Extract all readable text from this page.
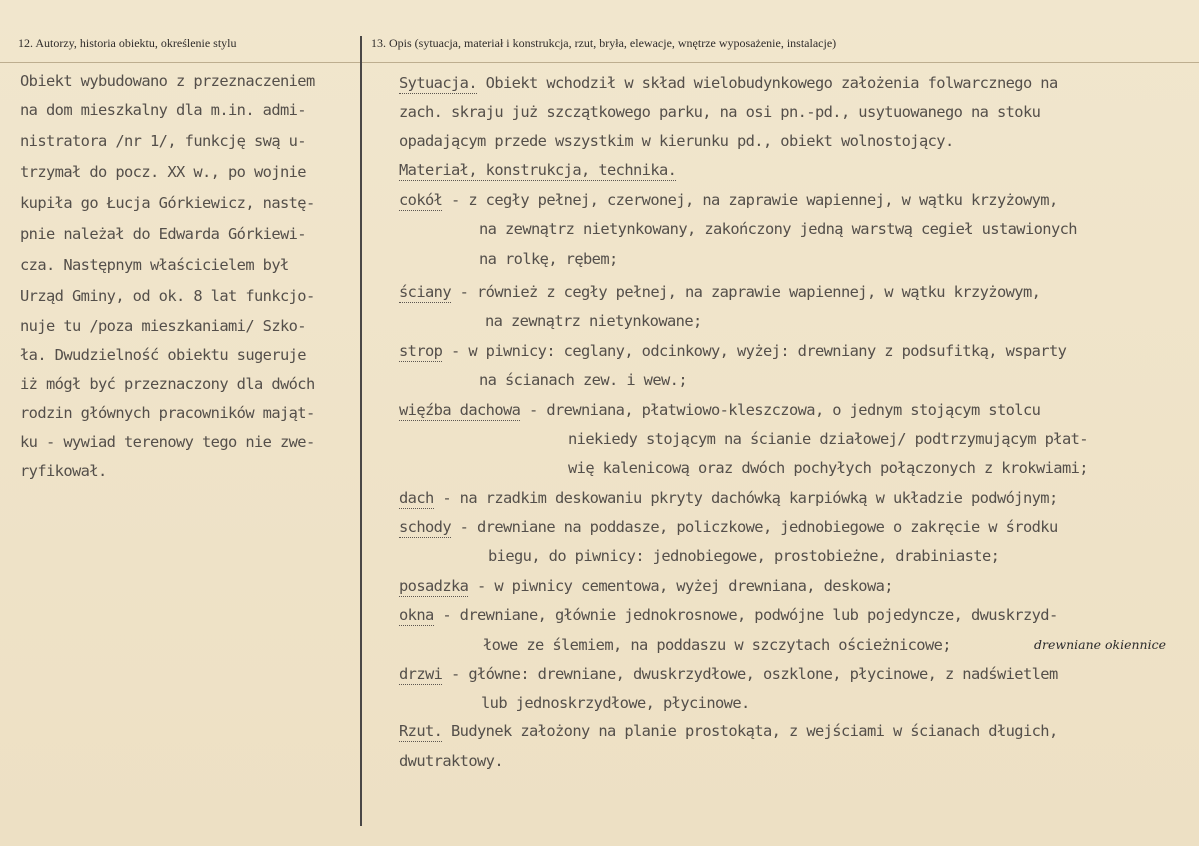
12. Autorzy, historia obiektu, określenie stylu	13. Opis (sytuacja, materiał i konstrukcja, rzut, bryła, elewacje, wnętrze wyposażenie, instalacje)
Obiekt wybudowano z przeznaczeniem
na dom mieszkalny dla m.in. admi-
nistratora /nr 1/, funkcję swą u-
trzymał do pocz. XX w., po wojnie
kupiła go Łucja Górkiewicz, nastę-
pnie należał do Edwarda Górkiewi-
cza. Następnym właścicielem był
Urząd Gminy, od ok. 8 lat funkcjo-
nuje tu /poza mieszkaniami/ Szko-
ła. Dwudzielność obiektu sugeruje
iż mógł być przeznaczony dla dwóch
rodzin głównych pracowników mająt-
ku - wywiad terenowy tego nie zwe-
ryfikował.
Sytuacja. Obiekt wchodził w skład wielobudynkowego założenia folwarcznego na
zach. skraju już szczątkowego parku, na osi pn.-pd., usytuowanego na stoku
opadającym przede wszystkim w kierunku pd., obiekt wolnostojący.
Materiał, konstrukcja, technika.
cokół - z cegły pełnej, czerwonej, na zaprawie wapiennej, w wątku krzyżowym,
na zewnątrz nietynkowany, zakończony jedną warstwą cegieł ustawionych
na rolkę, rębem;
ściany - również z cegły pełnej, na zaprawie wapiennej, w wątku krzyżowym,
na zewnątrz nietynkowane;
strop - w piwnicy: ceglany, odcinkowy, wyżej: drewniany z podsufitką, wsparty
na ścianach zew. i wew.;
więźba dachowa - drewniana, płatwiowo-kleszczowa, o jednym stojącym stolcu
niekiedy stojącym na ścianie działowej/ podtrzymującym płat-
wię kalenicową oraz dwóch pochyłych połączonych z krokwiami;
dach - na rzadkim deskowaniu pkryty dachówką karpiówką w układzie podwójnym;
schody - drewniane na poddasze, policzkowe, jednobiegowe o zakręcie w środku
biegu, do piwnicy: jednobiegowe, prostobieżne, drabiniaste;
posadzka - w piwnicy cementowa, wyżej drewniana, deskowa;
okna - drewniane, głównie jednokrosnowe, podwójne lub pojedyncze, dwuskrzyd-
łowe ze ślemiem, na poddaszu w szczytach ościeżnicowe;	drewniane okiennice
drzwi - główne: drewniane, dwuskrzydłowe, oszklone, płycinowe, z nadświetlem
lub jednoskrzydłowe, płycinowe.
Rzut. Budynek założony na planie prostokąta, z wejściami w ścianach długich,
dwutraktowy.
